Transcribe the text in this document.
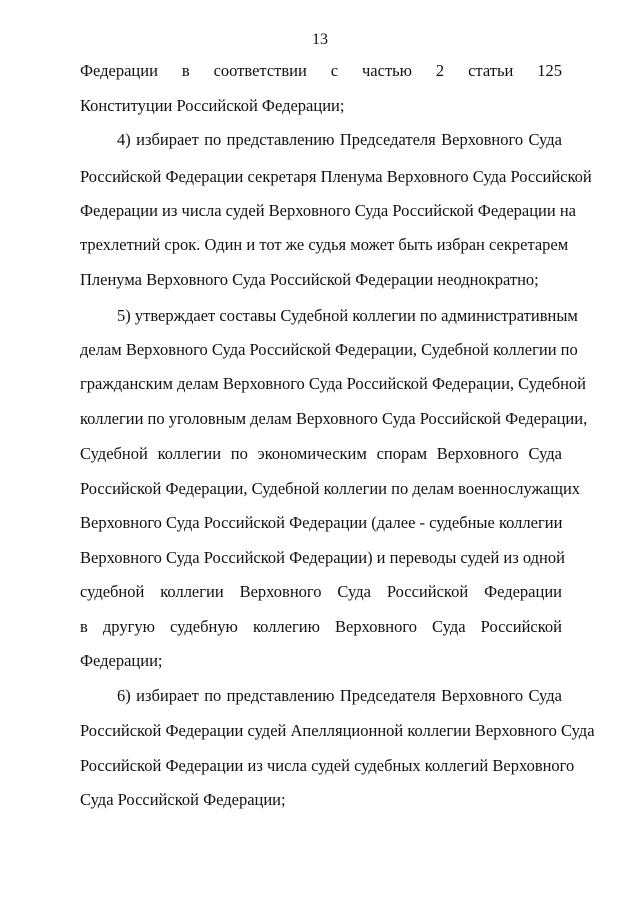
13
Федерации в соответствии с частью 2 статьи 125
Конституции Российской Федерации;
4) избирает по представлению Председателя Верховного Суда
Российской Федерации секретаря Пленума Верховного Суда Российской
Федерации из числа судей Верховного Суда Российской Федерации на
трехлетний срок. Один и тот же судья может быть избран секретарем
Пленума Верховного Суда Российской Федерации неоднократно;
5) утверждает составы Судебной коллегии по административным
делам Верховного Суда Российской Федерации, Судебной коллегии по
гражданским делам Верховного Суда Российской Федерации, Судебной
коллегии по уголовным делам Верховного Суда Российской Федерации,
Судебной коллегии по экономическим спорам Верховного Суда
Российской Федерации, Судебной коллегии по делам военнослужащих
Верховного Суда Российской Федерации (далее - судебные коллегии
Верховного Суда Российской Федерации) и переводы судей из одной
судебной коллегии Верховного Суда Российской Федерации
в другую судебную коллегию Верховного Суда Российской
Федерации;
6) избирает по представлению Председателя Верховного Суда
Российской Федерации судей Апелляционной коллегии Верховного Суда
Российской Федерации из числа судей судебных коллегий Верховного
Суда Российской Федерации;
